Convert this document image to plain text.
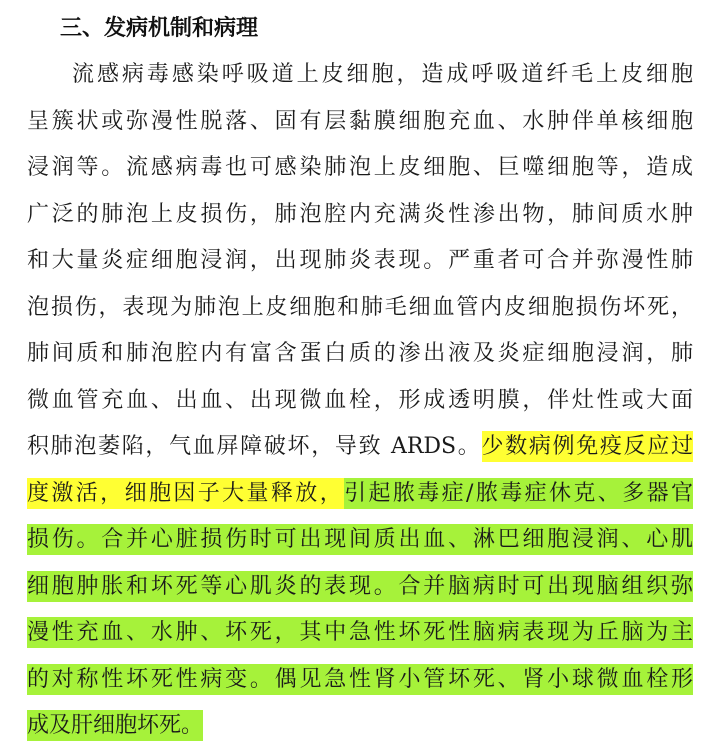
三、发病机制和病理
流感病毒感染呼吸道上皮细胞，造成呼吸道纤毛上皮细胞
呈簇状或弥漫性脱落、固有层黏膜细胞充血、水肿伴单核细胞
浸润等。流感病毒也可感染肺泡上皮细胞、巨噬细胞等，造成
广泛的肺泡上皮损伤，肺泡腔内充满炎性渗出物，肺间质水肿
和大量炎症细胞浸润，出现肺炎表现。严重者可合并弥漫性肺
泡损伤，表现为肺泡上皮细胞和肺毛细血管内皮细胞损伤坏死，
肺间质和肺泡腔内有富含蛋白质的渗出液及炎症细胞浸润，肺
微血管充血、出血、出现微血栓，形成透明膜，伴灶性或大面
积肺泡萎陷，气血屏障破坏，导致 ARDS。少数病例免疫反应过
度激活，细胞因子大量释放，引起脓毒症/脓毒症休克、多器官
损伤。合并心脏损伤时可出现间质出血、淋巴细胞浸润、心肌
细胞肿胀和坏死等心肌炎的表现。合并脑病时可出现脑组织弥
漫性充血、水肿、坏死，其中急性坏死性脑病表现为丘脑为主
的对称性坏死性病变。偶见急性肾小管坏死、肾小球微血栓形
成及肝细胞坏死。
